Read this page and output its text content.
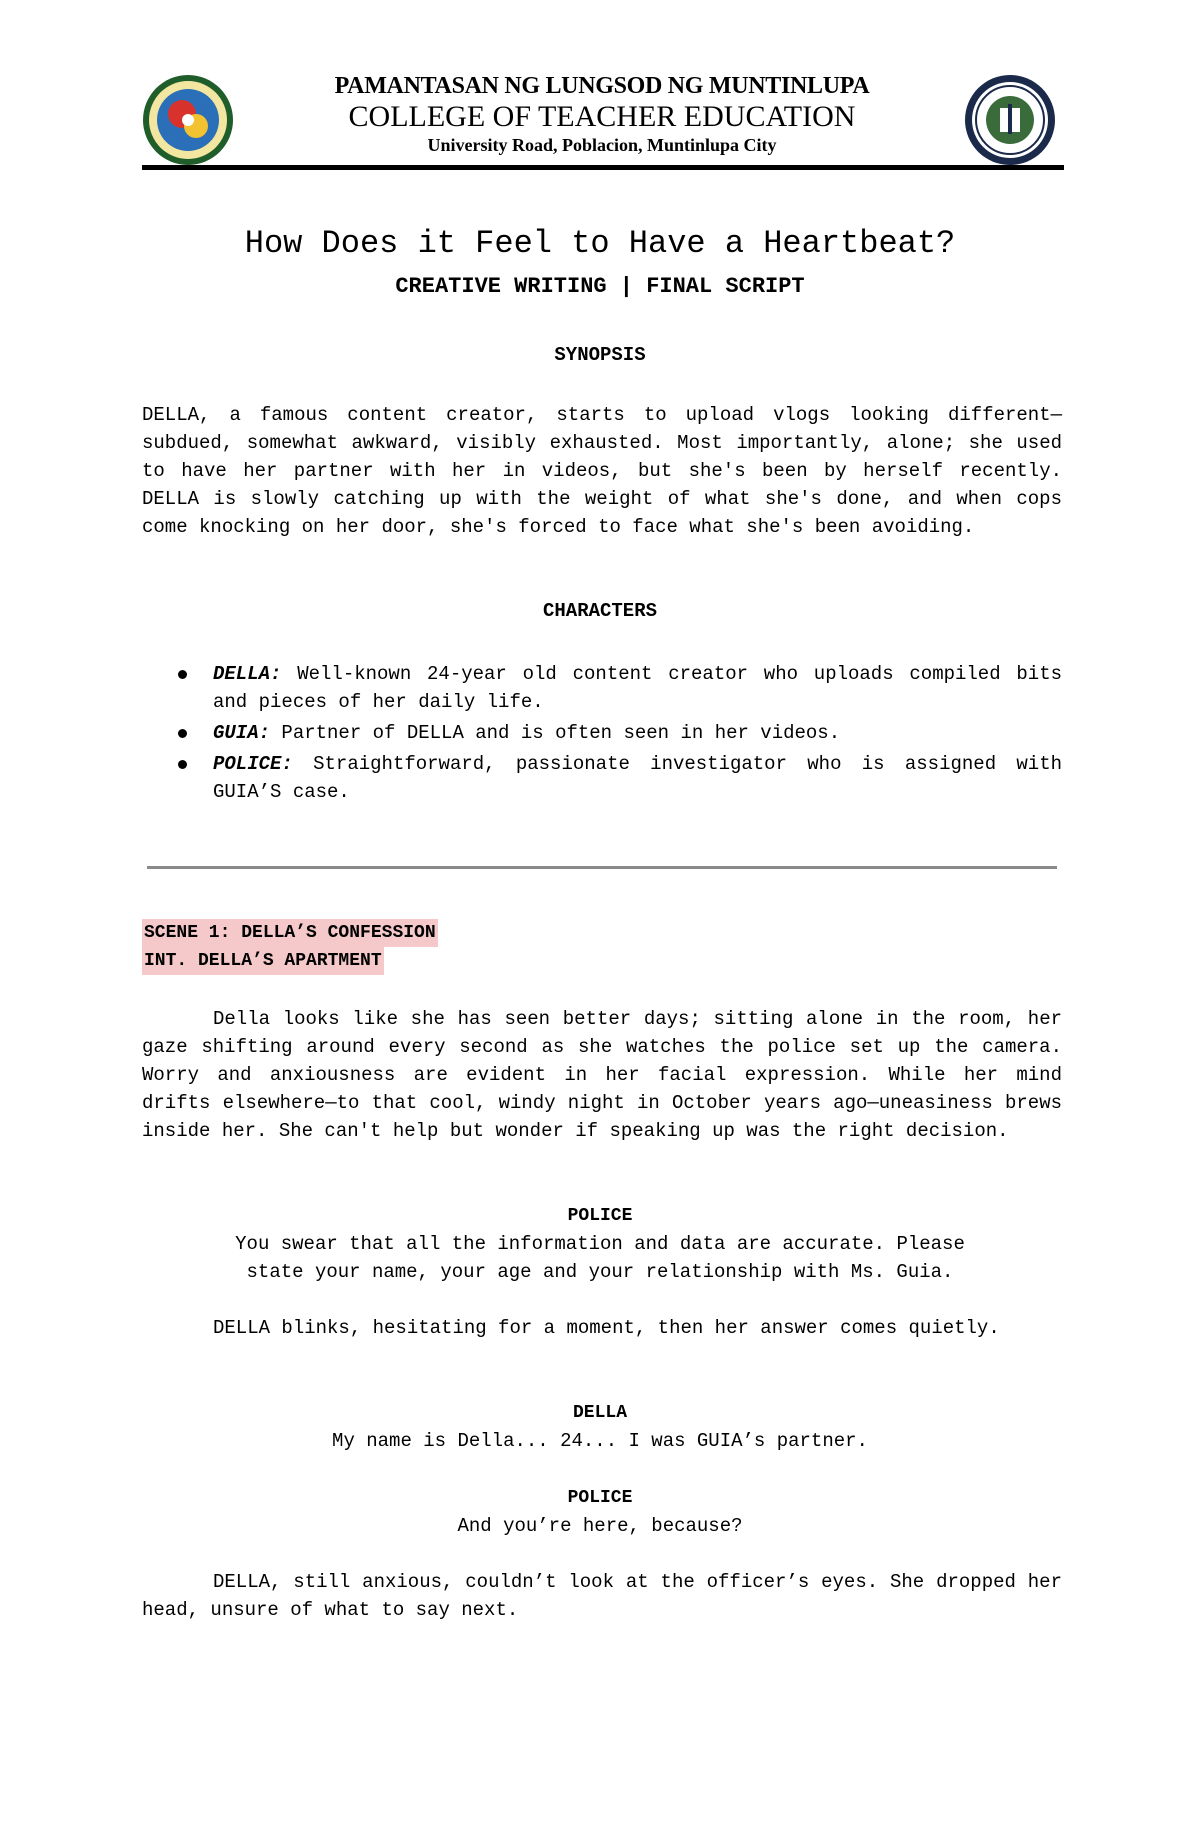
PAMANTASAN NG LUNGSOD NG MUNTINLUPA
COLLEGE OF TEACHER EDUCATION
University Road, Poblacion, Muntinlupa City
How Does it Feel to Have a Heartbeat?
CREATIVE WRITING | FINAL SCRIPT
SYNOPSIS
DELLA, a famous content creator, starts to upload vlogs looking different—subdued, somewhat awkward, visibly exhausted. Most importantly, alone; she used to have her partner with her in videos, but she's been by herself recently. DELLA is slowly catching up with the weight of what she's done, and when cops come knocking on her door, she's forced to face what she's been avoiding.
CHARACTERS
DELLA: Well-known 24-year old content creator who uploads compiled bits and pieces of her daily life.
GUIA: Partner of DELLA and is often seen in her videos.
POLICE: Straightforward, passionate investigator who is assigned with GUIA’S case.
SCENE 1: DELLA’S CONFESSION
INT. DELLA’S APARTMENT
Della looks like she has seen better days; sitting alone in the room, her gaze shifting around every second as she watches the police set up the camera. Worry and anxiousness are evident in her facial expression. While her mind drifts elsewhere—to that cool, windy night in October years ago—uneasiness brews inside her. She can't help but wonder if speaking up was the right decision.
POLICE
You swear that all the information and data are accurate. Please
state your name, your age and your relationship with Ms. Guia.
DELLA blinks, hesitating for a moment, then her answer comes quietly.
DELLA
My name is Della... 24... I was GUIA’s partner.
POLICE
And you’re here, because?
DELLA, still anxious, couldn’t look at the officer’s eyes. She dropped her head, unsure of what to say next.
